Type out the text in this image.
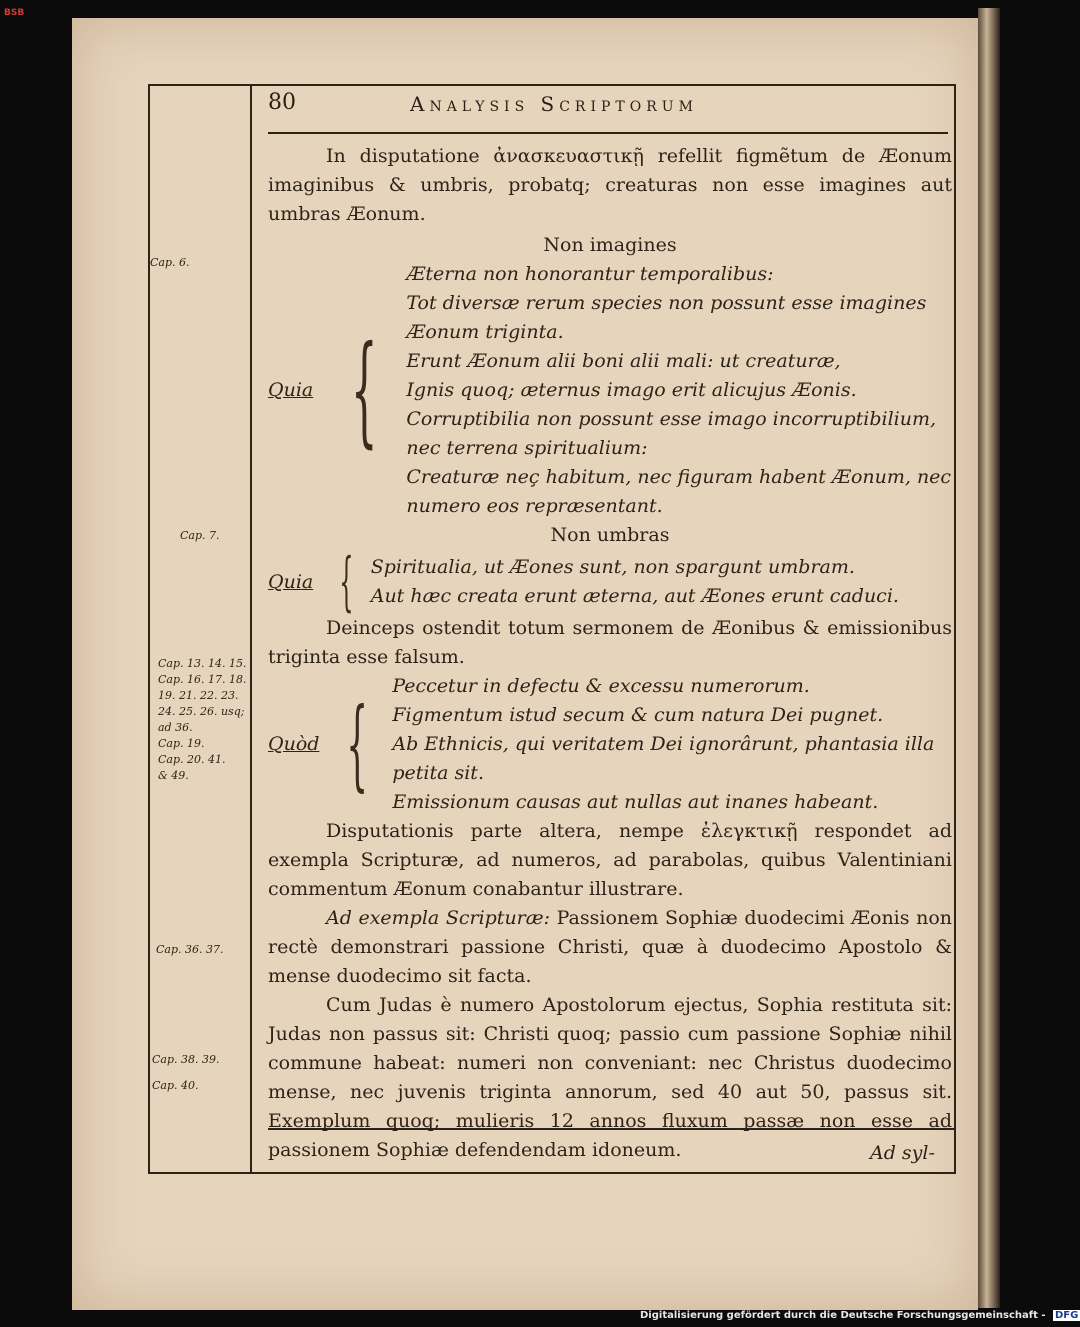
BSB
80	Analysis Scriptorum
In disputatione ἀνασκευαστικῇ refellit figmẽtum de Æonum imaginibus & umbris, probatq; creaturas non esse imagines aut umbras Æonum.
Non imagines
Quia {
Æterna non honorantur temporalibus:
Tot diversæ rerum species non possunt esse imagines Æonum triginta.
Erunt Æonum alii boni alii mali: ut creaturæ,
Ignis quoq; æternus imago erit alicujus Æonis.
Corruptibilia non possunt esse imago incorruptibilium, nec terrena spiritualium:
Creaturæ neç habitum, nec figuram habent Æonum, nec numero eos repræsentant.
Non umbras
Quia { Spiritualia, ut Æones sunt, non spargunt umbram.
Aut hæc creata erunt æterna, aut Æones erunt caduci.
Deinceps ostendit totum sermonem de Æonibus & emissionibus triginta esse falsum.
Quòd {
Peccetur in defectu & excessu numerorum.
Figmentum istud secum & cum natura Dei pugnet.
Ab Ethnicis, qui veritatem Dei ignorârunt, phantasia illa petita sit.
Emissionum causas aut nullas aut inanes habeant.
Disputationis parte altera, nempe ἐλεγκτικῇ respondet ad exempla Scripturæ, ad numeros, ad parabolas, quibus Valentiniani commentum Æonum conabantur illustrare.
Ad exempla Scripturæ: Passionem Sophiæ duodecimi Æonis non rectè demonstrari passione Christi, quæ à duodecimo Apostolo & mense duodecimo sit facta.
Cum Judas è numero Apostolorum ejectus, Sophia restituta sit: Judas non passus sit: Christi quoq; passio cum passione Sophiæ nihil commune habeat: numeri non conveniant: nec Christus duodecimo mense, nec juvenis triginta annorum, sed 40 aut 50, passus sit. Exemplum quoq; mulieris 12 annos fluxum passæ non esse ad passionem Sophiæ defendendam idoneum.
Cap. 6.
Cap. 7.
Cap. 13. 14. 15.
Cap. 16. 17. 18.
19. 21. 22. 23.
24. 25. 26. usq;
ad 36.
Cap. 19.
Cap. 20. 41.
& 49.
Cap. 36. 37.
Cap. 38. 39.
Cap. 40.
Ad syl-
Digitalisierung gefördert durch die Deutsche Forschungsgemeinschaft - DFG
